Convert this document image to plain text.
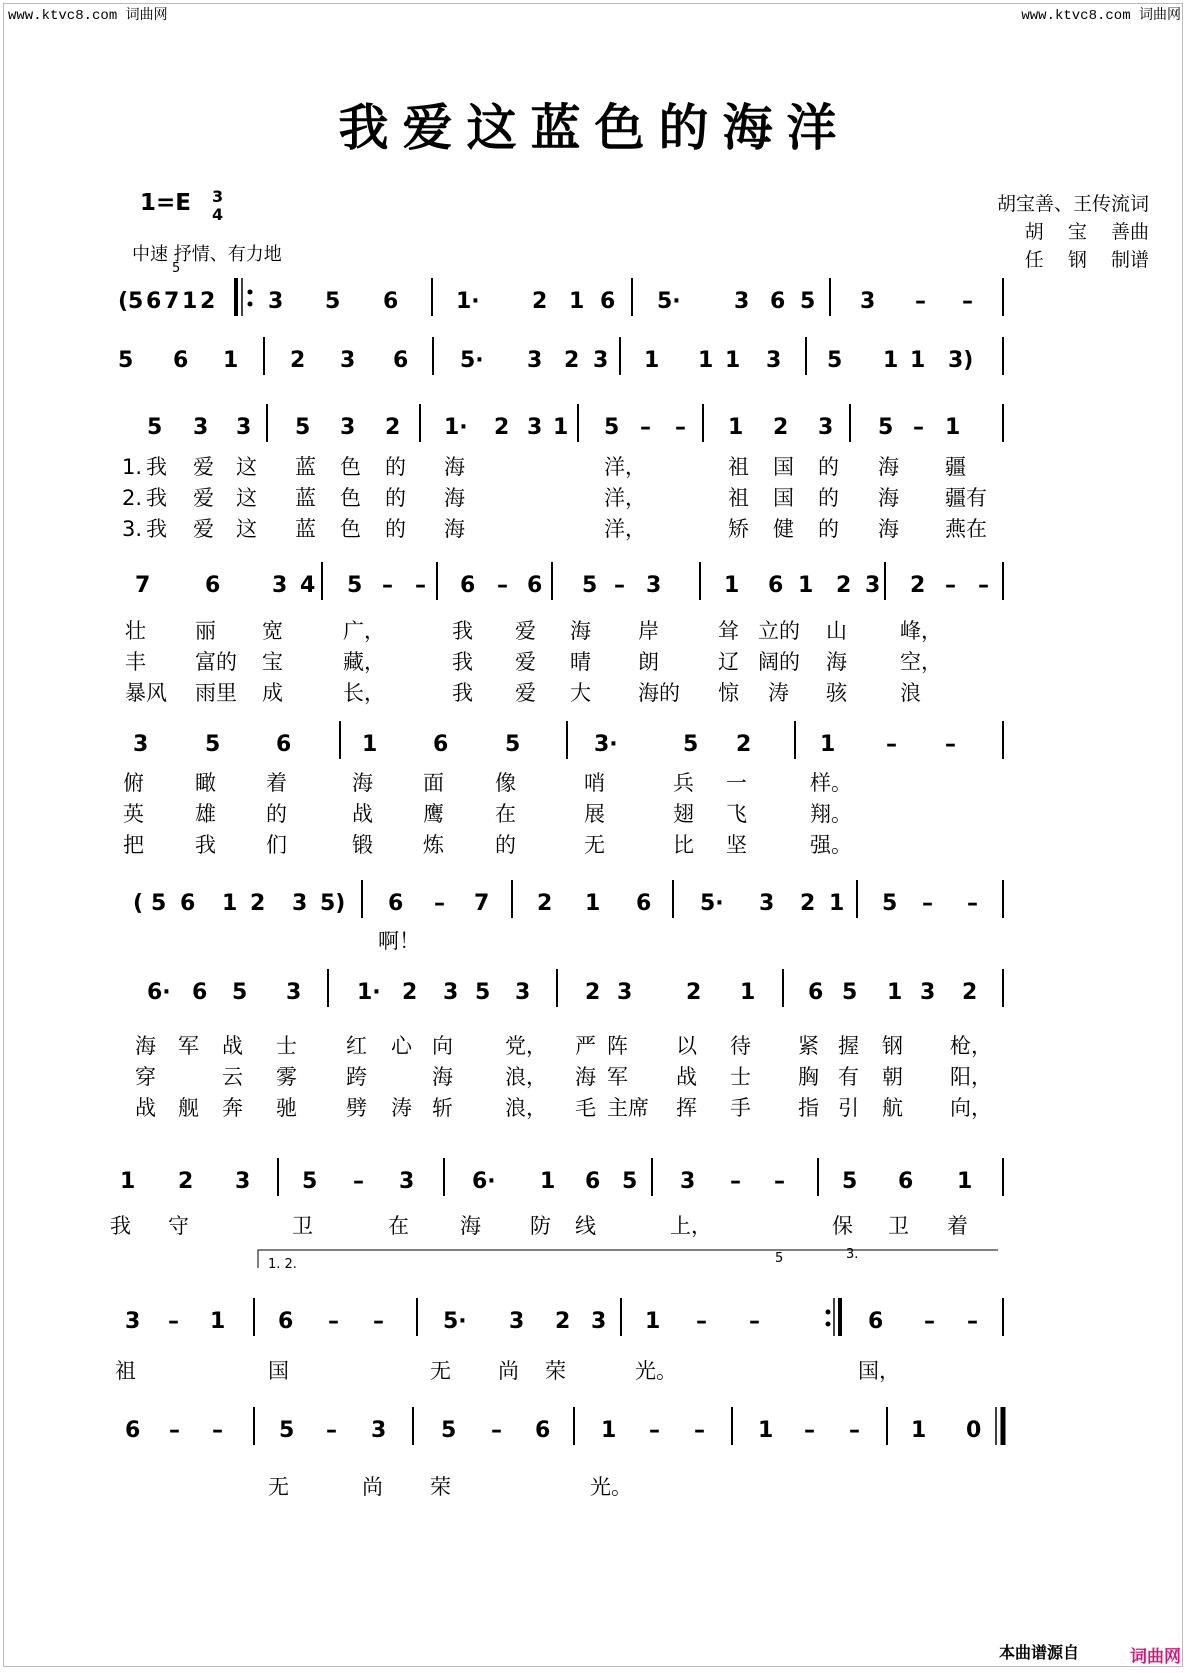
www.ktvc8.com 词曲网	www.ktvc8.com 词曲网
我爱这蓝色的海洋
1=E 3
4
中速 抒情、有力地
胡宝善、王传流词
胡    宝    善曲
任    钢    制谱
( 5 6 7 1 2 3 5 6	1· 2 1 6 5· 3 6 5 3 – –
5 6 1 2 3 6 5· 3 2 3 1 1 1 3 5 1 1 3)
5 3 3 5 3 2 1· 2 3 1 5 – – 1 2 3 5 – 1
7 6 3 4 5 – – 6 – 6 5 – 3	1 6 1 2 3 2 – –
3	5	6	1	6	5	3·	5 2	1 – –
( 5 6 1 2 3 5) 6 – 7 2 1 6 5· 3 2 1 5 – –
6· 6 5 3	1· 2 3 5 3 2 3 2 1 6 5 1 3 2
1 2 3 5 – 3	6· 1 6 5 3 – –	5 6 1
3 – 1 6 – –	5· 3 2 3 1 – –	6 – –
6 – –	5 – 3 5 – 6 1 – – 1 – – 1 0
1. 我 爱 这 蓝 色 的 海	洋，	祖 国 的 海 疆
2. 我 爱 这 蓝 色 的 海	洋，	祖 国 的 海 疆有
3. 我 爱 这 蓝 色 的 海	洋，	矫 健 的 海 燕在
壮 丽 宽	广，	我 爱 海 岸	耸 立的 山	峰，
丰 富的 宝	藏，	我 爱 晴 朗	辽 阔的 海	空，
暴风 雨里 成	长，	我 爱 大 海的 惊 涛 骇	浪
俯 瞰 着	海 面 像	哨	兵 一	样。
英 雄 的	战 鹰 在	展	翅 飞	翔。
把 我 们	锻 炼 的	无	比 坚	强。
啊！
海 军 战 士 红 心 向 党， 严 阵 以 待 紧 握 钢 枪，
穿	云 雾 跨	海 浪， 海 军 战 士 胸 有 朝 阳，
战 舰 奔 驰 劈 涛 斩 浪， 毛 主席 挥 手 指 引 航 向，
我 守	卫	在 海 防 线	上，	保 卫 着
祖	国	无 尚 荣	光。	国，
无	尚 荣	光。
5
5
1. 2.
3.
本曲谱源自	词曲网
